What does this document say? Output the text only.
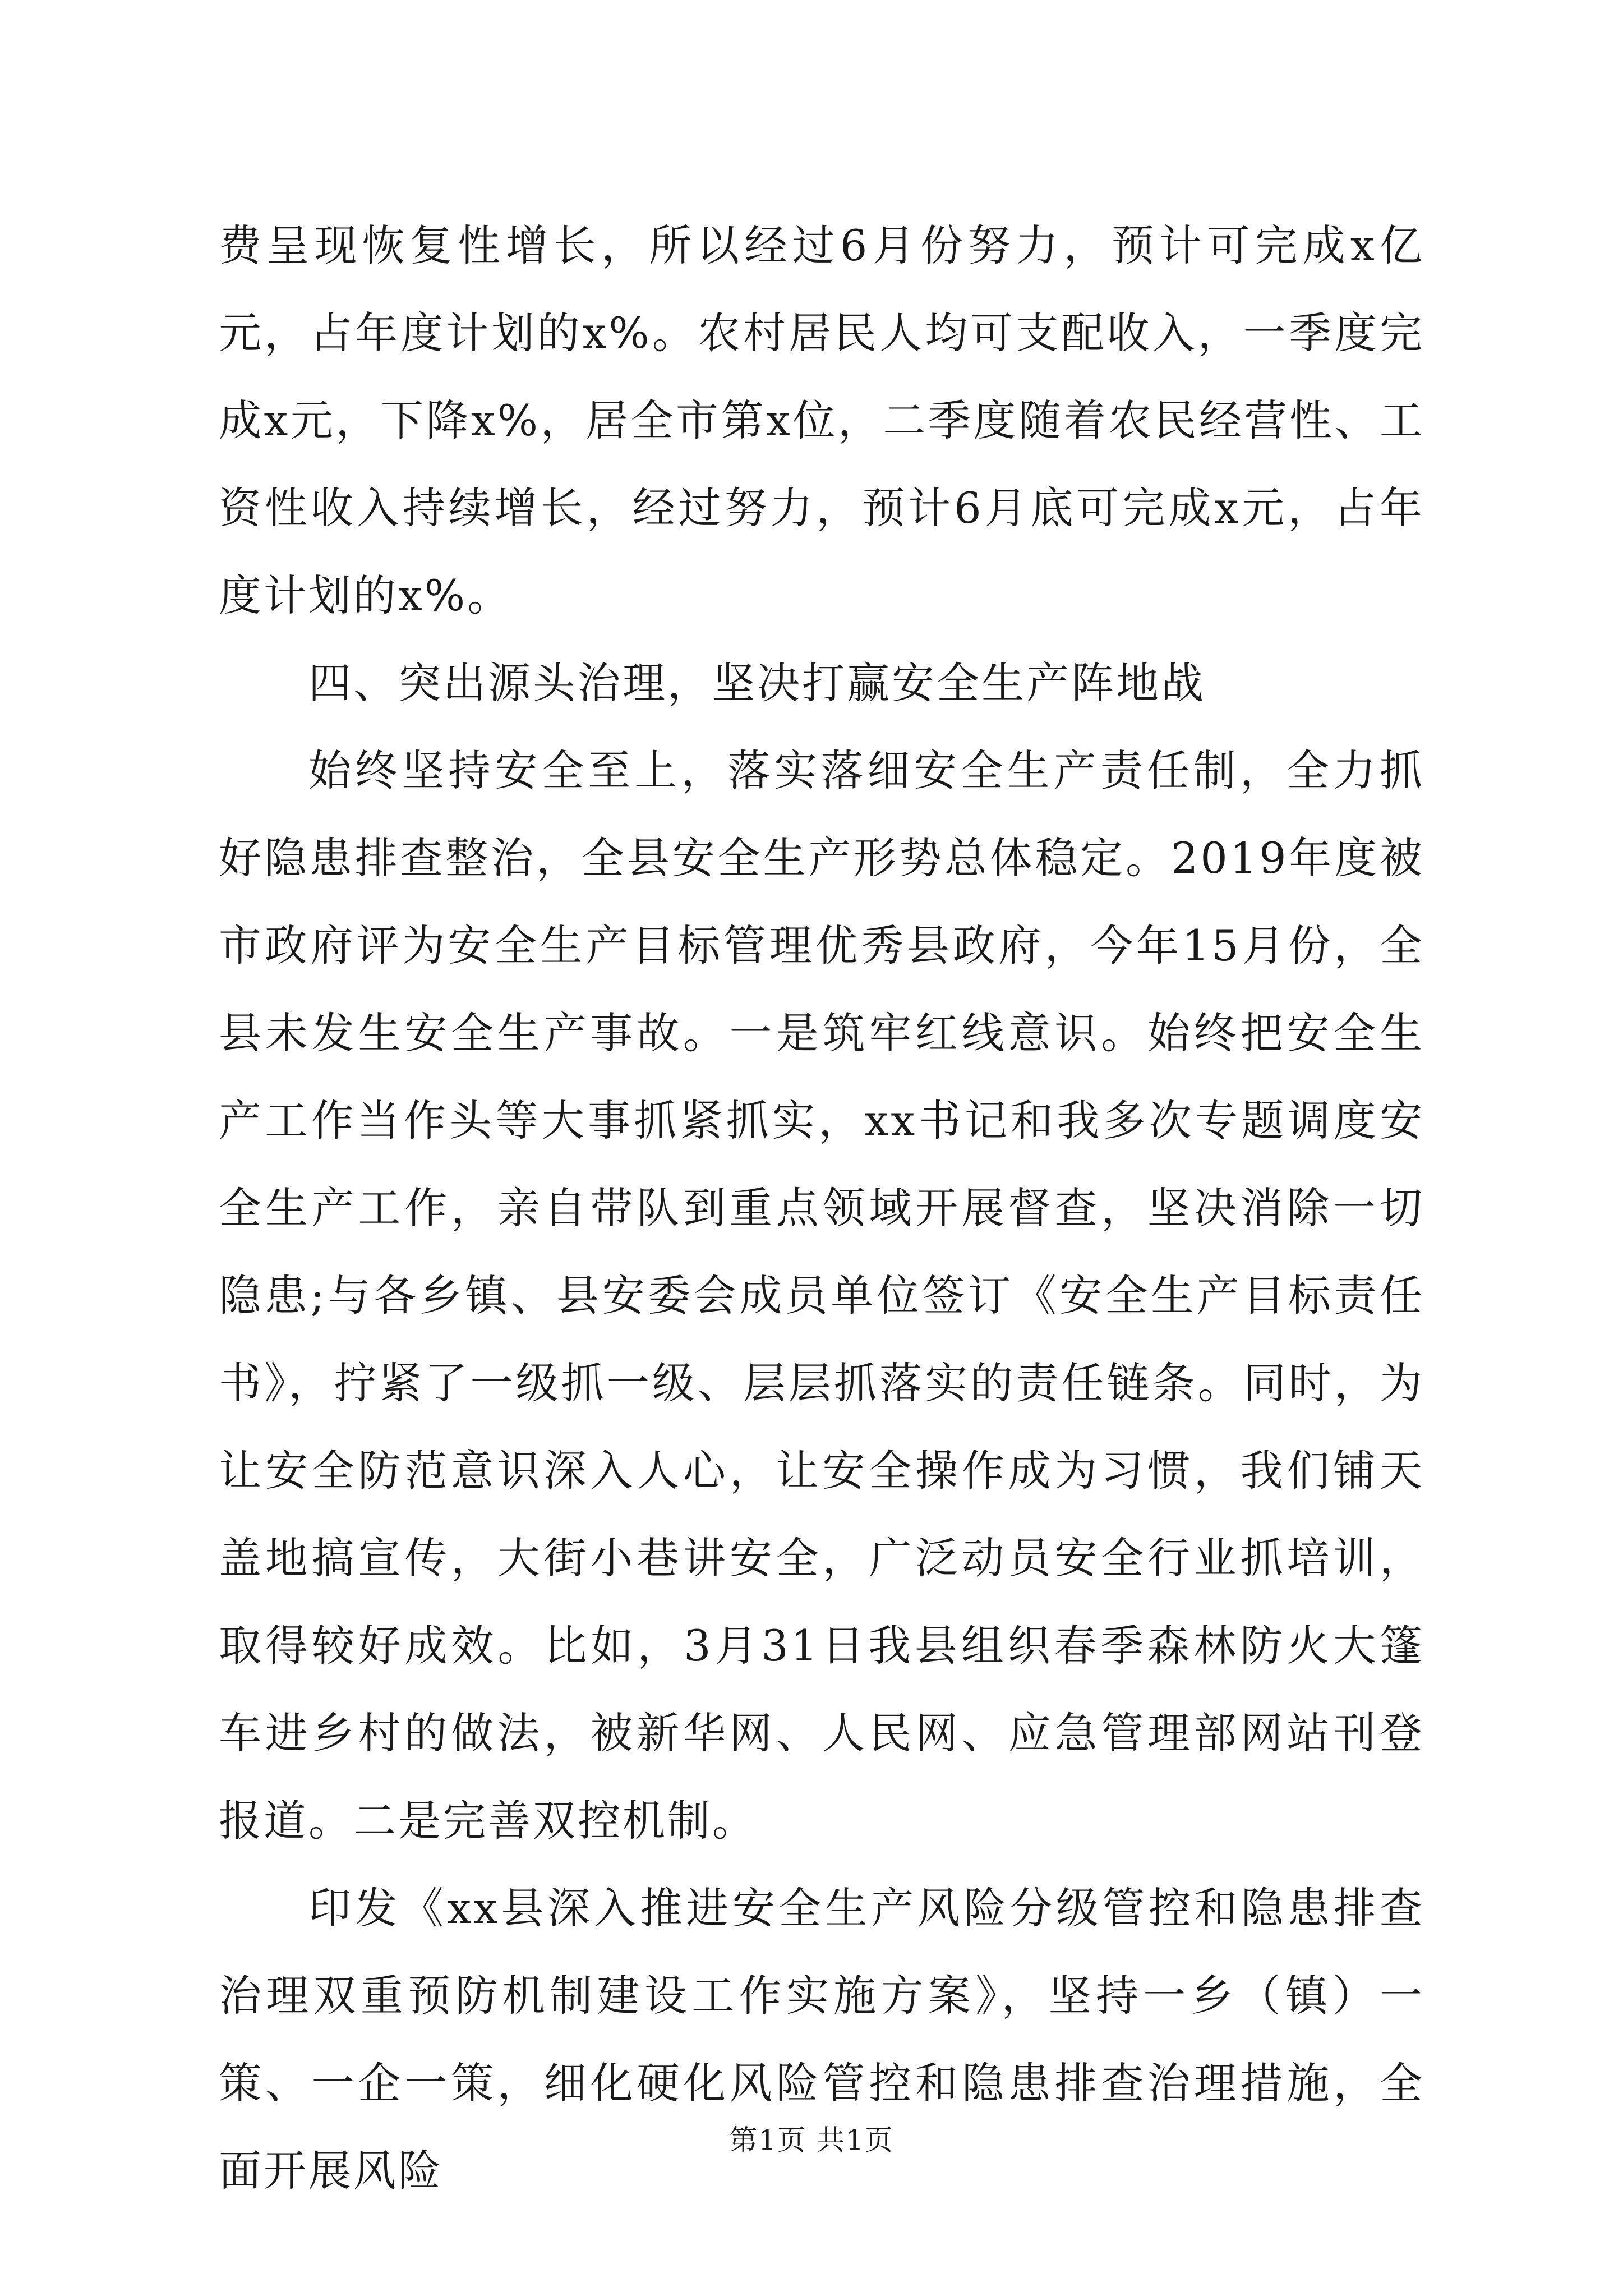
费呈现恢复性增长，所以经过6月份努力，预计可完成x亿元，占年度计划的x%。农村居民人均可支配收入，一季度完成x元，下降x%，居全市第x位，二季度随着农民经营性、工资性收入持续增长，经过努力，预计6月底可完成x元，占年度计划的x%。

四、突出源头治理，坚决打赢安全生产阵地战

始终坚持安全至上，落实落细安全生产责任制，全力抓好隐患排查整治，全县安全生产形势总体稳定。2019年度被市政府评为安全生产目标管理优秀县政府，今年15月份，全县未发生安全生产事故。一是筑牢红线意识。始终把安全生产工作当作头等大事抓紧抓实，xx书记和我多次专题调度安全生产工作，亲自带队到重点领域开展督查，坚决消除一切隐患;与各乡镇、县安委会成员单位签订《安全生产目标责任书》，拧紧了一级抓一级、层层抓落实的责任链条。同时，为让安全防范意识深入人心，让安全操作成为习惯，我们铺天盖地搞宣传，大街小巷讲安全，广泛动员安全行业抓培训，取得较好成效。比如，3月31日我县组织春季森林防火大篷车进乡村的做法，被新华网、人民网、应急管理部网站刊登报道。二是完善双控机制。

印发《xx县深入推进安全生产风险分级管控和隐患排查治理双重预防机制建设工作实施方案》，坚持一乡（镇）一策、一企一策，细化硬化风险管控和隐患排查治理措施，全面开展风险

第1页 共1页
